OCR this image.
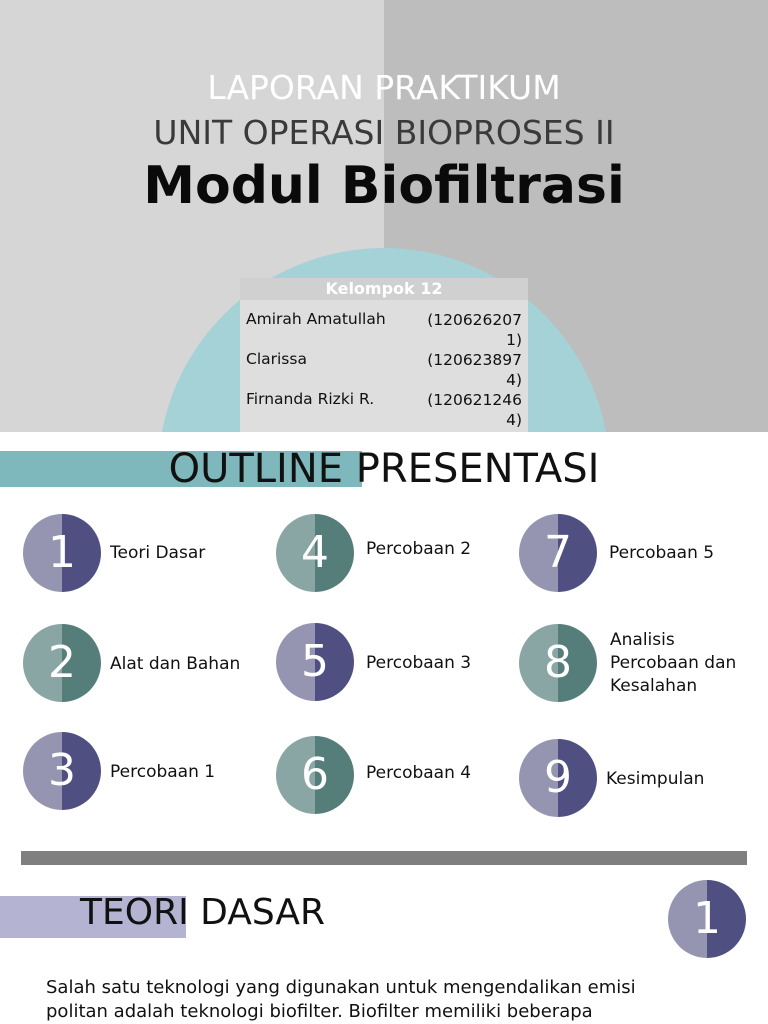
LAPORAN PRAKTIKUM
UNIT OPERASI BIOPROSES II
Modul Biofiltrasi
Kelompok 12
Amirah Amatullah	(120626207
1)
Clarissa	(120623897
4)
Firnanda Rizki R.	(120621246
4)
OUTLINE PRESENTASI
1	Teori Dasar
2	Alat dan Bahan
3	Percobaan 1
4	Percobaan 2
5	Percobaan 3
6	Percobaan 4
7	Percobaan 5
8	Analisis
Percobaan dan
Kesalahan
9	Kesimpulan
TEORI DASAR	1
Salah satu teknologi yang digunakan untuk mengendalikan emisi
politan adalah teknologi biofilter. Biofilter memiliki beberapa
